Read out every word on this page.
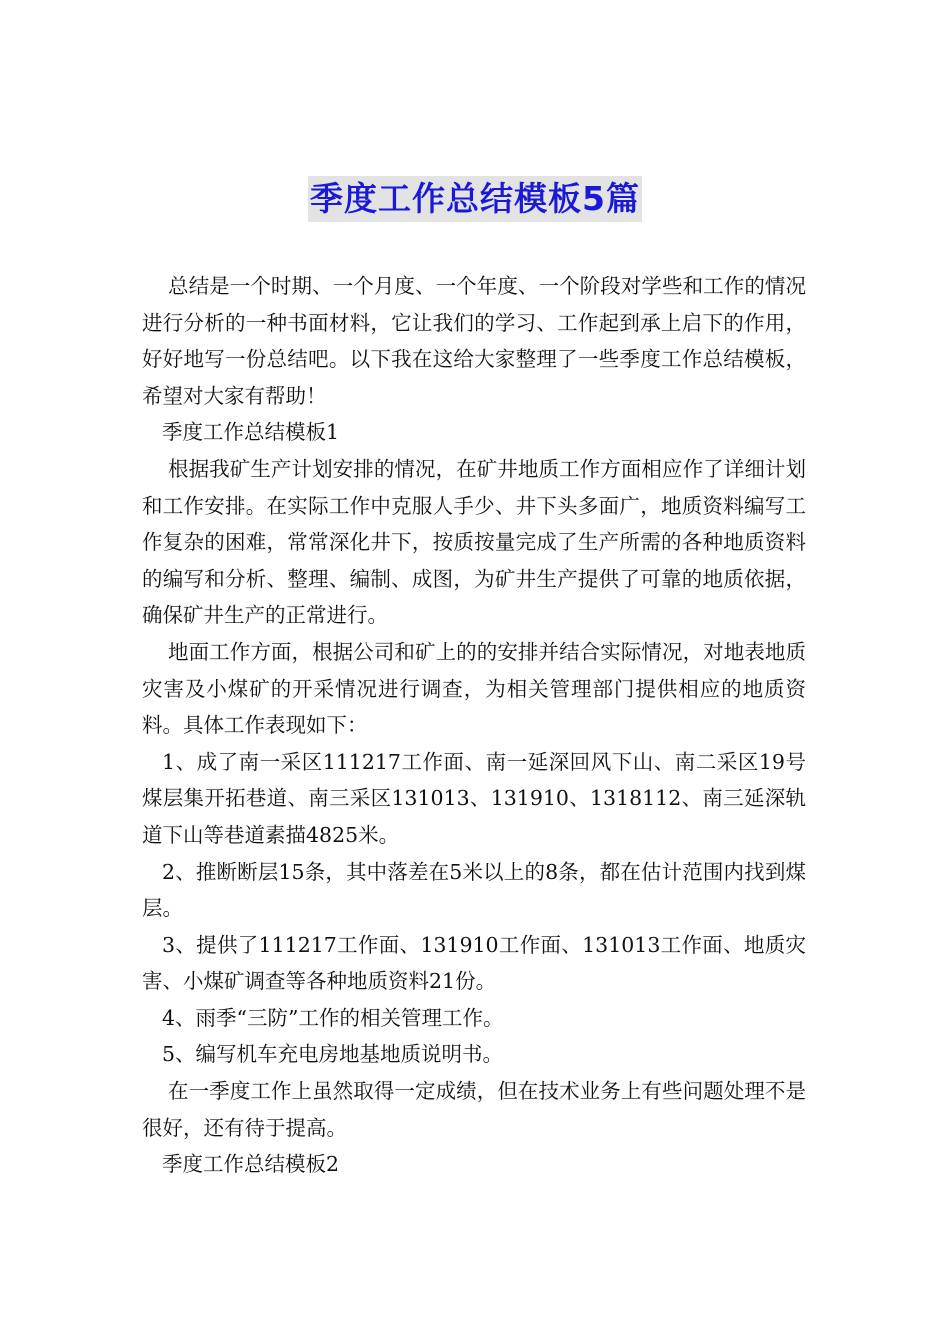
季度工作总结模板5篇

总结是一个时期、一个月度、一个年度、一个阶段对学些和工作的情况进行分析的一种书面材料，它让我们的学习、工作起到承上启下的作用，好好地写一份总结吧。以下我在这给大家整理了一些季度工作总结模板，希望对大家有帮助！

季度工作总结模板1

根据我矿生产计划安排的情况，在矿井地质工作方面相应作了详细计划和工作安排。在实际工作中克服人手少、井下头多面广，地质资料编写工作复杂的困难，常常深化井下，按质按量完成了生产所需的各种地质资料的编写和分析、整理、编制、成图，为矿井生产提供了可靠的地质依据，确保矿井生产的正常进行。

地面工作方面，根据公司和矿上的的安排并结合实际情况，对地表地质灾害及小煤矿的开采情况进行调查，为相关管理部门提供相应的地质资料。具体工作表现如下：

1、成了南一采区111217工作面、南一延深回风下山、南二采区19号煤层集开拓巷道、南三采区131013、131910、1318112、南三延深轨道下山等巷道素描4825米。

2、推断断层15条，其中落差在5米以上的8条，都在估计范围内找到煤层。

3、提供了111217工作面、131910工作面、131013工作面、地质灾害、小煤矿调查等各种地质资料21份。

4、雨季“三防”工作的相关管理工作。

5、编写机车充电房地基地质说明书。

在一季度工作上虽然取得一定成绩，但在技术业务上有些问题处理不是很好，还有待于提高。

季度工作总结模板2
